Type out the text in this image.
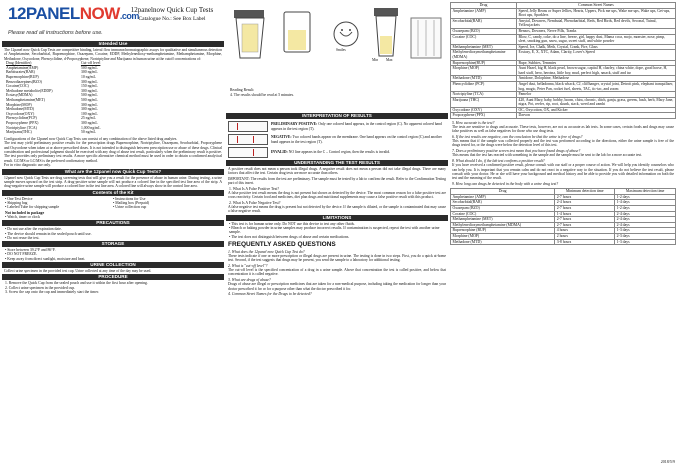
12PANELNOW.com
12panelnow Quick Cup Tests
Catalogue No.: See Box Label
Please read all instructions before use.
Intended Use
The 12panel now Quick Cup Tests are competitive binding, lateral flow immunochromatographic assays for qualitative and simultaneous detection of Amphetamine, Secobarbital, Buprenorphine, Oxazepam, Cocaine, EDDP, Methylenedioxy-methamphetamine, Methamphetamine, Morphine, Methadone, Oxycodone, Phencyclidine, d-Propoxyphene, Nortriptyline and Marijuana in human urine at the cutoff concentrations of:
Drug (Identifier)	Cut-off level
Amphetamine(AMP)	500 ng/mL
Barbiturates(BAR)	300 ng/mL
Buprenorphine(BUP)	10 ng/mL
Benzodiazepines(BZO)	300 ng/mL
Cocaine(COC)	150 ng/mL
Methadone metabolite(EDDP)	300 ng/mL
Ecstasy(MDMA)	500 ng/mL
Methamphetamine(MET)	500 ng/mL
Morphine(MOP)	300 ng/mL
Methadone(MTD)	300 ng/mL
Oxycodone(OXY)	100 ng/mL
Phencyclidine(PCP)	25 ng/mL
Propoxyphene (PPX)	300 ng/mL
Nortriptyline (TCA)	1,000 ng/mL
Marijuana(THC)	50 ng/mL
Configurations of the 12panel now Quick Cup Tests can consist of any combination of the above listed drug analytes.
The test may yield preliminary positive results for the prescription drugs Buprenorphine, Nortriptyline, Oxazepam, Secobarbital, Propoxyphene and Oxycodone when taken at or above prescribed doses. It is not intended to distinguish between prescription use or abuse of these drugs. Clinical consideration and professional judgment should be exercised with any drug of abuse test result, particularly when the preliminary result is positive. The test provides only preliminary test results. A more specific alternative chemical method must be used in order to obtain a confirmed analytical result. GC/MS or LC/MS is the preferred confirmatory method.
For in vitro diagnostic use only.
What are the 12panel now Quick Cup Tests?
12panel now Quick Cup Tests are drug screening tests that will give you a result for the presence of abuse in human urine. During testing, a urine sample moves upward on the test strip. A drug-positive urine sample will not produce a colored line in the specified test line area of the strip. A drug-negative urine sample will produce a colored line in the test line area. A colored line will always show in the control line area.
Contents of the Kit
• One Test Device
• Shipping bag
• Labeled Tube for shipping sample
• Instructions for Use
• Mailing box (Prepaid)
• Urine collection cup
Not included in package
• Watch, timer or clock
PRECAUTIONS
• Do not use after the expiration date.
• The device should remain in the sealed pouch until use.
• Do not reuse the test.
STORAGE
• Store between 39.2°F and 86°F.
• DO NOT FREEZE.
• Keep away from direct sunlight, moisture and heat.
URINE COLLECTION
Collect urine specimen in the provided test cup. Urine collected at any time of the day may be used.
PROCEDURE
1. Remove the Quick Cup from the sealed pouch and use it within the first hour after opening.
2. Collect urine specimen in the provided cup.
3. Screw the cap onto the cup and immediately start the timer.
Smiles
Min Max
Reading Result:
4. The results should be read at 5 minutes.
INTERPRETATION OF RESULTS
PRELIMINARY POSITIVE: Only one colored band appears, in the control region (C). No apparent colored band appears in the test region (T).
NEGATIVE: Two colored bands appear on the membrane. One band appears on the control region (C) and another band appears in the test region (T).
INVALID: NO line appears in the C – Control region, then the results is invalid.
UNDERSTANDING THE TEST RESULTS
A positive result does not mean a person took illegal drugs. A negative result does not mean a person did not take illegal drugs. There are many factors that affect the test. Certain drug tests are more accurate than others.
IMPORTANT: The results from the test are preliminary. The sample must be tested by a lab to confirm the result. Refer to the Confirmation Testing part of this insert.
1. What Is A False Positive Test?
A false positive test result means the drug is not present but shown as detected by the device. The most common reason for a false positive test are cross reactivity. Certain food and medicines, diet plan drugs and nutritional supplements may cause a false positive result with this product.
2. What Is A False Negative Test?
A false negative test means the drug is present but not detected by the device. If the sample is diluted, or the sample is contaminated that may cause a false negative result.
LIMITATIONS
• This test is for human urine only. Do NOT use this device to test any other fluids.
• Bleach or baking powder in urine samples may produce incorrect results. If contamination is suspected, repeat the test with another urine sample.
• The test does not distinguish between drugs of abuse and certain medications.
FREQUENTLY ASKED QUESTIONS
1. What does the 12panel now Quick Cup Test do?
These tests indicate if one or more prescription or illegal drugs are present in urine. The testing is done in two steps. First, you do a quick at-home test. Second, if the test suggests that drugs may be present, you send the sample to a laboratory for additional testing.
2. What is "cut-off level"?
The cut-off level is the specified concentration of a drug in a urine sample. Above that concentration the test is called positive, and below that concentration it is called negative.
3. What are drugs of abuse?
Drugs of abuse are illegal or prescription medicines that are taken for a non-medical purpose, including taking the medication for longer than your doctor prescribed it for or for a purpose other than what the doctor prescribed it for.
4. Common Street Names for the Drugs to be detected?
Drug	Common Street Names
Amphetamine (AMP)	Speed, Jelly Beans or Super Jellies, Hearts, Uppers, Pick me ups, Wake me ups, Wake ups, Get-ups, Boot ups, Sparklers
Secobarbital(BAR)	Amytal, Downers, Nembutal, Phenobarbital, Reds, Red Birds, Red devils, Seconal, Tuinal, Yellowjackets
Oxazepam (BZO)	Benzos, Downers, Nerve Pills, Tranks
Cocaine (COC)	Blow, C, candy, coke, do a line, freeze, girl, happy dust, Mama coca, mojo, monster, nose, pimp, sleet, smoking gun, snow, sugar, sweet stuff, and white powder
Methamphetamine (MET)	Speed, Ice, Chalk, Meth, Crystal, Crank, Fire, Glass
Methylenedioxymethamphetamine (MDMA)	Ecstasy, E, X, XTC, Adam, Clarity, Lover's Speed
Buprenorphine(BUP)	Bupe, Subbies, Temmies
Morphine (MOP)	Aunt Hazel, big H, black pearl, brown sugar, capital H, charley, china white, dope, good horse, H, hard stuff, hero, heroina, little boy, mud, perfect high, smack, stuff and tar
Methadone (MTD)	Amidone, Dolophine, Methadose
Phencyclidine (PCP)	Angel dust, belladonna, black whack, CJ, cliffhanger, crystal joint, Detroit pink, elephant tranquilizer, hog, magic, Peter Pan, rocket fuel, sheets, TAC, tic-tac, and zoom
Nortriptyline (TCA)	Pamelor
Marijuana (THC)	420, Aunt Mary, baby, bobby, boom, chira, chronic, ditch, ganja, grass, greens, hash, herb, Mary Jane, nigra, Pot, reefer, rip, root, skunk, stack, weed and zambi
Oxycodone (OXY)	OC, Oxycotton, OX, and Kicker
Propoxyphene (PPX)	Darvon
5. How accurate is the test?
The tests are sensitive to drugs and accurate. These tests, however, are not as accurate as lab tests. In some cases, certain foods and drugs may cause false positives as well as false negatives for those who use drug tests.
6. If the test results are negative, can the conclusion be that the urine is free of drugs?
This means that if the sample was collected properly and the test was performed according to the directions, either the urine sample is free of the drugs tested for, or the drugs were below the detection level of this test.
7. Does a preliminary positive screen test mean that you have found drugs of abuse?
This means that the test has reacted with something in the sample and the sample must be sent to the lab for a more accurate test.
8. What should I do, if the lab test confirms a positive result?
If you have received a confirmed positive result, please consult with our staff or a proper course of action. We will help you identify counselors who can help you. It is important that you remain calm and do not react in a negative way to the situation. If you do not believe the test result, please consult with your doctor. He or she will have your background and medical history and be able to provide you with detailed information on both the test and the meaning of the result.
9. How long can drugs be detected in the body with a urine drug test?
Drug	Minimum detection time	Maximum detection time
Amphetamine (AMP)	2-7 hours	1-2 days
Secobarbital(BAR)	2-4 hours	1-4 days
Oxazepam (BZO)	2-7 hours	1-2 days
Cocaine (COC)	1-4 hours	2-4 days
Methamphetamine (MET)	2-7 hours	2-4 days
Methylenedioxymethamphetamine (MDMA)	2-7 hours	2-4 days
Buprenorphine (BUP)	4 hours	1-3 days
Morphine (MOP)	2 hours	2-3 days
Methadone (MTD)	3-8 hours	1-3 days
2018/5/9
